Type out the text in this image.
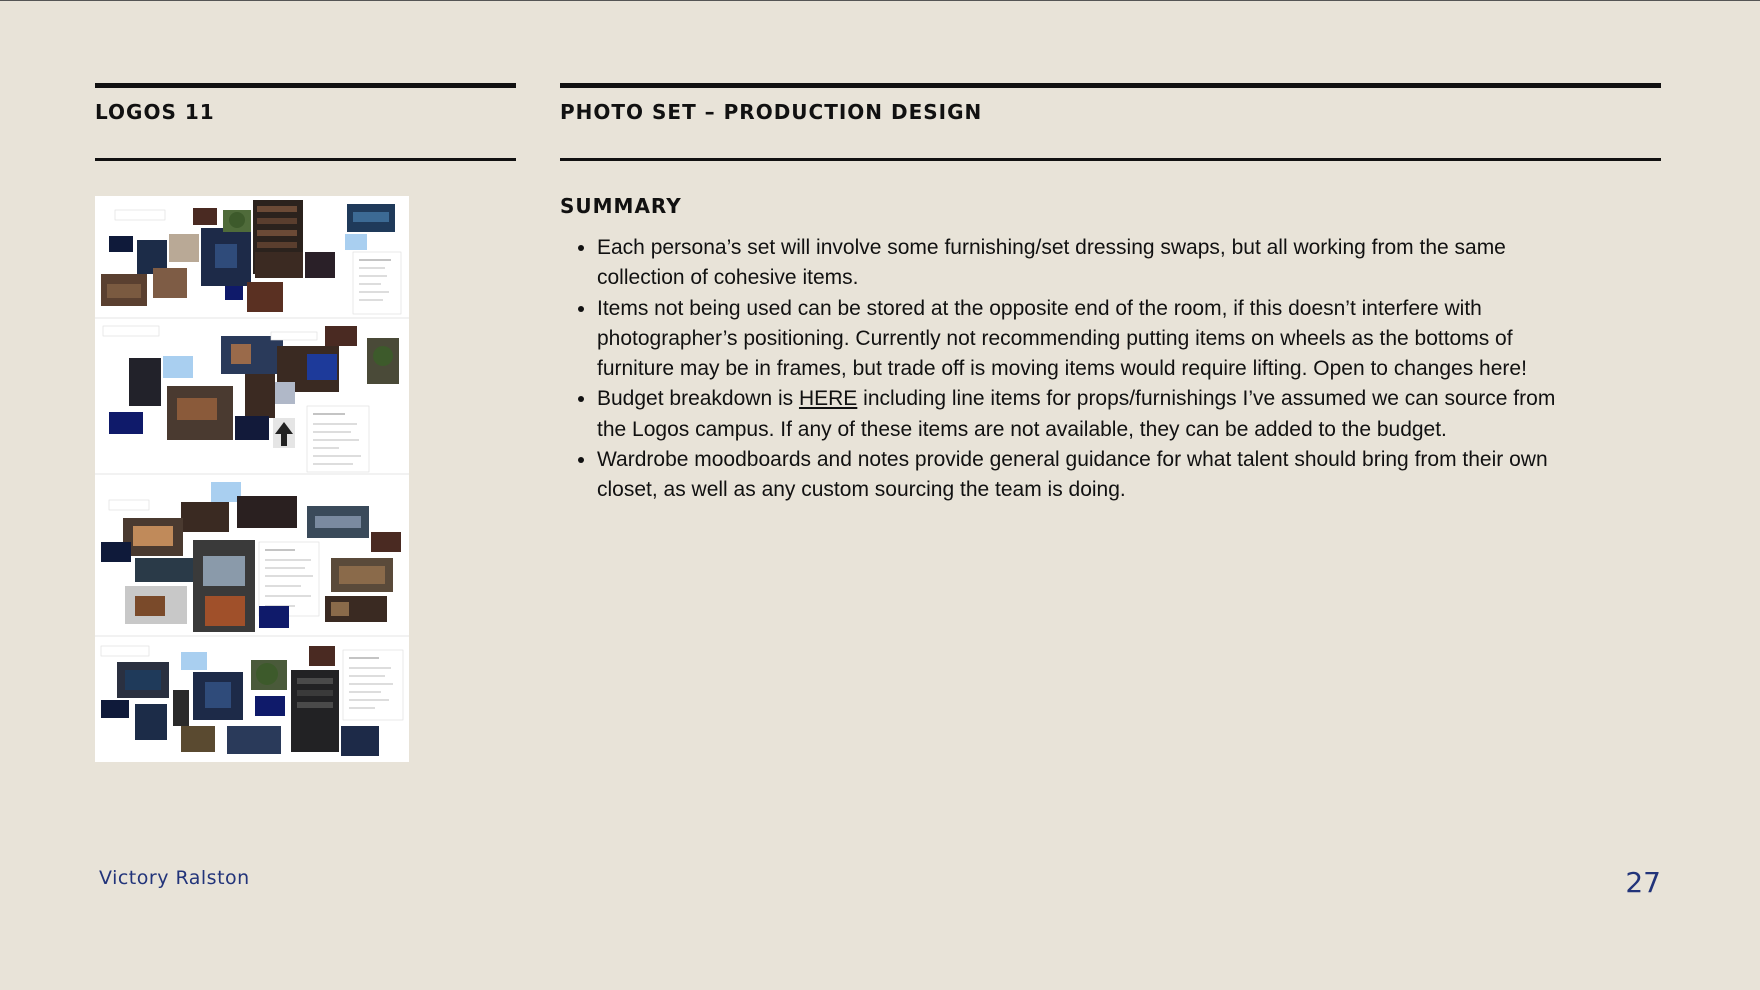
LOGOS 11	PHOTO SET – PRODUCTION DESIGN
SUMMARY
• Each persona’s set will involve some furnishing/set dressing swaps, but all working from the same collection of cohesive items.
• Items not being used can be stored at the opposite end of the room, if this doesn’t interfere with photographer’s positioning. Currently not recommending putting items on wheels as the bottoms of furniture may be in frames, but trade off is moving items would require lifting. Open to changes here!
• Budget breakdown is HERE including line items for props/furnishings I’ve assumed we can source from the Logos campus. If any of these items are not available, they can be added to the budget.
• Wardrobe moodboards and notes provide general guidance for what talent should bring from their own closet, as well as any custom sourcing the team is doing.
Victory Ralston	27
